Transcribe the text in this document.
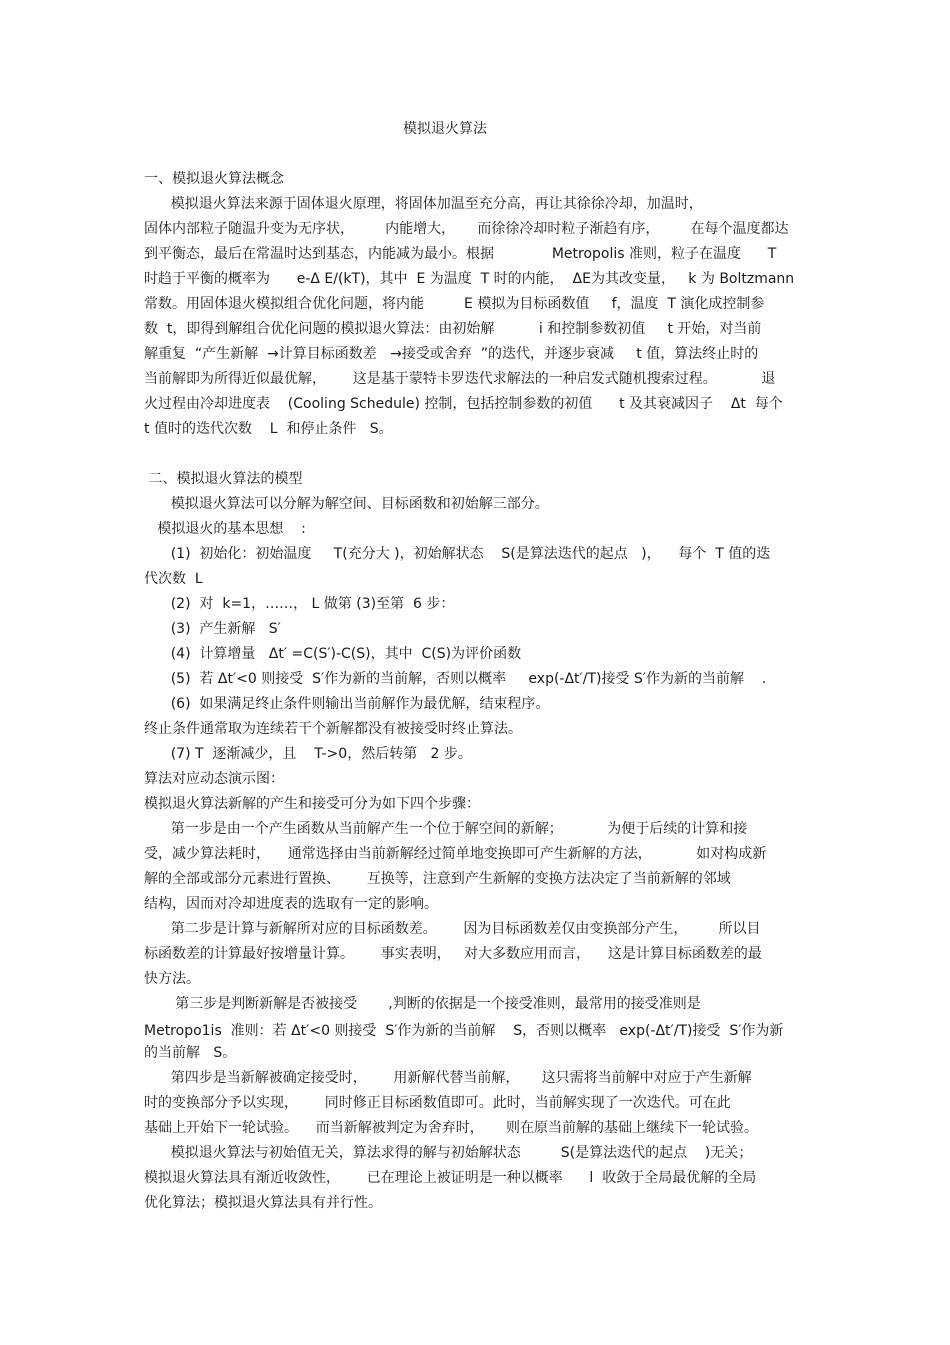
模拟退火算法
一、模拟退火算法概念
模拟退火算法来源于固体退火原理，将固体加温至充分高，再让其徐徐冷却，加温时，
固体内部粒子随温升变为无序状，       内能增大，     而徐徐冷却时粒子渐趋有序，       在每个温度都达
到平衡态，最后在常温时达到基态，内能减为最小。根据             Metropolis 准则，粒子在温度      T
时趋于平衡的概率为      e-Δ E/(kT)，其中  E 为温度  T 时的内能，  ΔE为其改变量，   k 为 Boltzmann
常数。用固体退火模拟组合优化问题，将内能         E 模拟为目标函数值     f，温度  T 演化成控制参
数  t，即得到解组合优化问题的模拟退火算法：由初始解          i 和控制参数初值     t 开始，对当前
解重复  “产生新解  →计算目标函数差   →接受或舍弃  ”的迭代，并逐步衰减     t 值，算法终止时的
当前解即为所得近似最优解，      这是基于蒙特卡罗迭代求解法的一种启发式随机搜索过程。          退
火过程由冷却进度表    (Cooling Schedule) 控制，包括控制参数的初值      t 及其衰减因子    Δt  每个
t 值时的迭代次数    L  和停止条件   S。
二、模拟退火算法的模型
模拟退火算法可以分解为解空间、目标函数和初始解三部分。
模拟退火的基本思想    :
(1)  初始化：初始温度     T(充分大 )，初始解状态    S(是算法迭代的起点   )，    每个  T 值的迭
代次数  L
(2)  对  k=1，……， L 做第 (3)至第  6 步：
(3)  产生新解   S′
(4)  计算增量   Δt′ =C(S′)-C(S)，其中  C(S)为评价函数
(5)  若 Δt′<0 则接受  S′作为新的当前解，否则以概率     exp(-Δt′/T)接受 S′作为新的当前解    .
(6)  如果满足终止条件则输出当前解作为最优解，结束程序。
终止条件通常取为连续若干个新解都没有被接受时终止算法。
(7) T  逐渐减少，且    T->0，然后转第   2 步。
算法对应动态演示图：
模拟退火算法新解的产生和接受可分为如下四个步骤：
第一步是由一个产生函数从当前解产生一个位于解空间的新解；          为便于后续的计算和接
受，减少算法耗时，    通常选择由当前新解经过简单地变换即可产生新解的方法，          如对构成新
解的全部或部分元素进行置换、      互换等，注意到产生新解的变换方法决定了当前新解的邻域
结构，因而对冷却进度表的选取有一定的影响。
第二步是计算与新解所对应的目标函数差。      因为目标函数差仅由变换部分产生，       所以目
标函数差的计算最好按增量计算。      事实表明，   对大多数应用而言，    这是计算目标函数差的最
快方法。
第三步是判断新解是否被接受       ,判断的依据是一个接受准则，最常用的接受准则是
Metropo1is  准则：若 Δt′<0 则接受  S′作为新的当前解    S，否则以概率   exp(-Δt′/T)接受  S′作为新
的当前解   S。
第四步是当新解被确定接受时，      用新解代替当前解，     这只需将当前解中对应于产生新解
时的变换部分予以实现，      同时修正目标函数值即可。此时，当前解实现了一次迭代。可在此
基础上开始下一轮试验。    而当新解被判定为舍弃时，     则在原当前解的基础上继续下一轮试验。
模拟退火算法与初始值无关，算法求得的解与初始解状态         S(是算法迭代的起点    )无关；
模拟退火算法具有渐近收敛性，      已在理论上被证明是一种以概率      l  收敛于全局最优解的全局
优化算法；模拟退火算法具有并行性。
